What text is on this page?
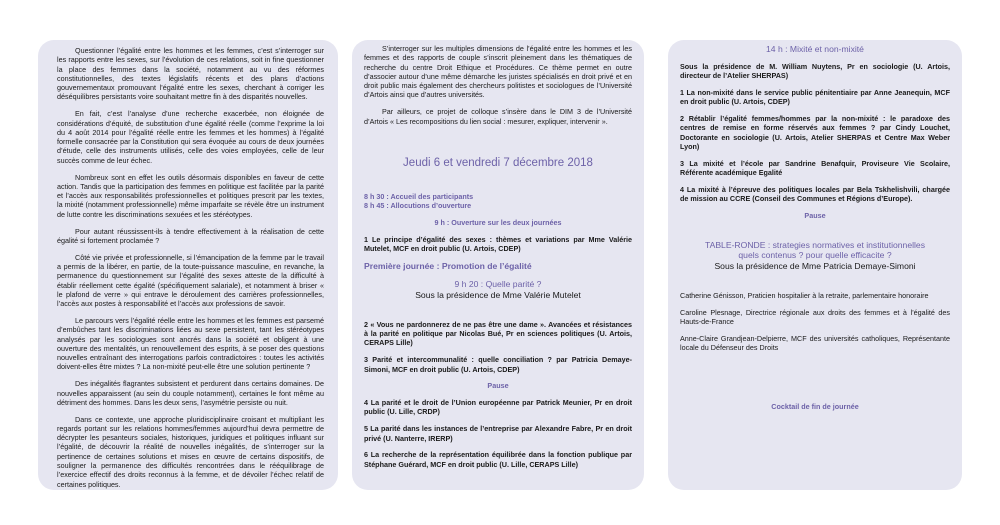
Questionner l’égalité entre les hommes et les femmes, c’est s’interroger sur les rapports entre les sexes, sur l’évolution de ces relations, soit in fine questionner la place des femmes dans la société, notamment au vu des réformes constitutionnelles, des textes législatifs récents et des plans d’actions gouvernementaux promouvant l’égalité entre les sexes, cherchant à corriger les déséquilibres persistants voire souhaitant mettre fin à des disparités nouvelles.

En fait, c’est l’analyse d’une recherche exacerbée, non éloignée de considérations d’équité, de substitution d’une égalité réelle (comme l’exprime la loi du 4 août 2014 pour l’égalité réelle entre les femmes et les hommes) à l’égalité formelle consacrée par la Constitution qui sera évoquée au cours de deux journées d’étude, celle des instruments utilisés, celle des voies employées, celle de leur succès comme de leur échec.

Nombreux sont en effet les outils désormais disponibles en faveur de cette action. Tandis que la participation des femmes en politique est facilitée par la parité et l’accès aux responsabilités professionnelles et politiques prescrit par les textes, la mixité (notamment professionnelle) même imparfaite se révèle être un instrument de lutte contre les discriminations sexuées et les stéréotypes.

Pour autant réussissent-ils à tendre effectivement à la réalisation de cette égalité si fortement proclamée ?

Côté vie privée et professionnelle, si l’émancipation de la femme par le travail a permis de la libérer, en partie, de la toute-puissance masculine, en revanche, la permanence du questionnement sur l’égalité des sexes atteste de la difficulté à établir réellement cette égalité (spécifiquement salariale), et notamment à briser « le plafond de verre » qui entrave le déroulement des carrières professionnelles, l’accès aux postes à responsabilité et l’accès aux professions de savoir.

Le parcours vers l’égalité réelle entre les hommes et les femmes est parsemé d’embûches tant les discriminations liées au sexe persistent, tant les stéréotypes analysés par les sociologues sont ancrés dans la société et obligent à une ouverture des mentalités, un renouvellement des esprits, à se poser des questions nouvelles entraînant des interrogations parfois contradictoires : toutes les activités doivent-elles être mixtes ? La non-mixité peut-elle être une solution pertinente ?

Des inégalités flagrantes subsistent et perdurent dans certains domaines. De nouvelles apparaissent (au sein du couple notamment), certaines le font même au détriment des hommes. Dans les deux sens, l’asymétrie persiste ou nuit.

Dans ce contexte, une approche pluridisciplinaire croisant et multipliant les regards portant sur les relations hommes/femmes aujourd’hui devra permettre de décrypter les pesanteurs sociales, historiques, juridiques et politiques influant sur l’égalité, de découvrir la réalité de nouvelles inégalités, de s’interroger sur la pertinence de certaines solutions et mises en œuvre de certains dispositifs, de souligner la permanence des difficultés rencontrées dans le rééquilibrage de l’exercice effectif des droits reconnus à la femme, et de dévoiler l’échec relatif de certaines politiques.

S’interroger sur les multiples dimensions de l’égalité entre les hommes et les femmes et des rapports de couple s’inscrit pleinement dans les thématiques de recherche du centre Droit Ethique et Procédures. Ce thème permet en outre d’associer autour d’une même démarche les juristes spécialisés en droit privé et en droit public mais également des chercheurs politistes et sociologues de l’Université d’Artois ainsi que d’autres universités.

Par ailleurs, ce projet de colloque s’insère dans le DIM 3 de l’Université d’Artois « Les recompositions du lien social : mesurer, expliquer, intervenir ».

Jeudi 6 et vendredi 7 décembre 2018
8 h 30 : Accueil des participants

8 h 45 : Allocutions d’ouverture

9 h : Ouverture sur les deux journées

1 Le principe d’égalité des sexes : thèmes et variations par Mme Valérie Mutelet, MCF en droit public (U. Artois, CDEP)

Première journée : Promotion de l’égalité

9 h 20 : Quelle parité ?

Sous la présidence de Mme Valérie Mutelet

2 « Vous ne pardonnerez de ne pas être une dame ». Avancées et résistances à la parité en politique par Nicolas Bué, Pr en sciences politiques (U. Artois, CERAPS Lille)

3 Parité et intercommunalité : quelle conciliation ? par Patricia Demaye-Simoni, MCF en droit public (U. Artois, CDEP)

Pause

4 La parité et le droit de l’Union européenne par Patrick Meunier, Pr en droit public (U. Lille, CRDP)

5 La parité dans les instances de l’entreprise par Alexandre Fabre, Pr en droit privé (U. Nanterre, IRERP)

6 La recherche de la représentation équilibrée dans la fonction publique par Stéphane Guérard, MCF en droit public (U. Lille, CERAPS Lille)

14 h : Mixité et non-mixité

Sous la présidence de M. William Nuytens, Pr en sociologie (U. Artois, directeur de l’Atelier SHERPAS)

1 La non-mixité dans le service public pénitentiaire par Anne Jeanequin, MCF en droit public (U. Artois, CDEP)

2 Rétablir l’égalité femmes/hommes par la non-mixité : le paradoxe des centres de remise en forme réservés aux femmes ? par Cindy Louchet, Doctorante en sociologie (U. Artois, Atelier SHERPAS et Centre Max Weber Lyon)

3 La mixité et l’école par Sandrine Benafquir, Proviseure Vie Scolaire, Référente académique Egalité

4 La mixité à l’épreuve des politiques locales par Bela Tskhelishvili, chargée de mission au CCRE (Conseil des Communes et Régions d’Europe).

Pause

TABLE-RONDE : strategies normatives et institutionnelles
quels contenus ? pour quelle efficacite ?

Sous la présidence de Mme Patricia Demaye-Simoni

Catherine Génisson, Praticien hospitalier à la retraite, parlementaire honoraire

Caroline Plesnage, Directrice régionale aux droits des femmes et à l’égalité des Hauts-de-France

Anne-Claire Grandjean-Delpierre, MCF des universités catholiques, Représentante locale du Défenseur des Droits

Cocktail de fin de journée
